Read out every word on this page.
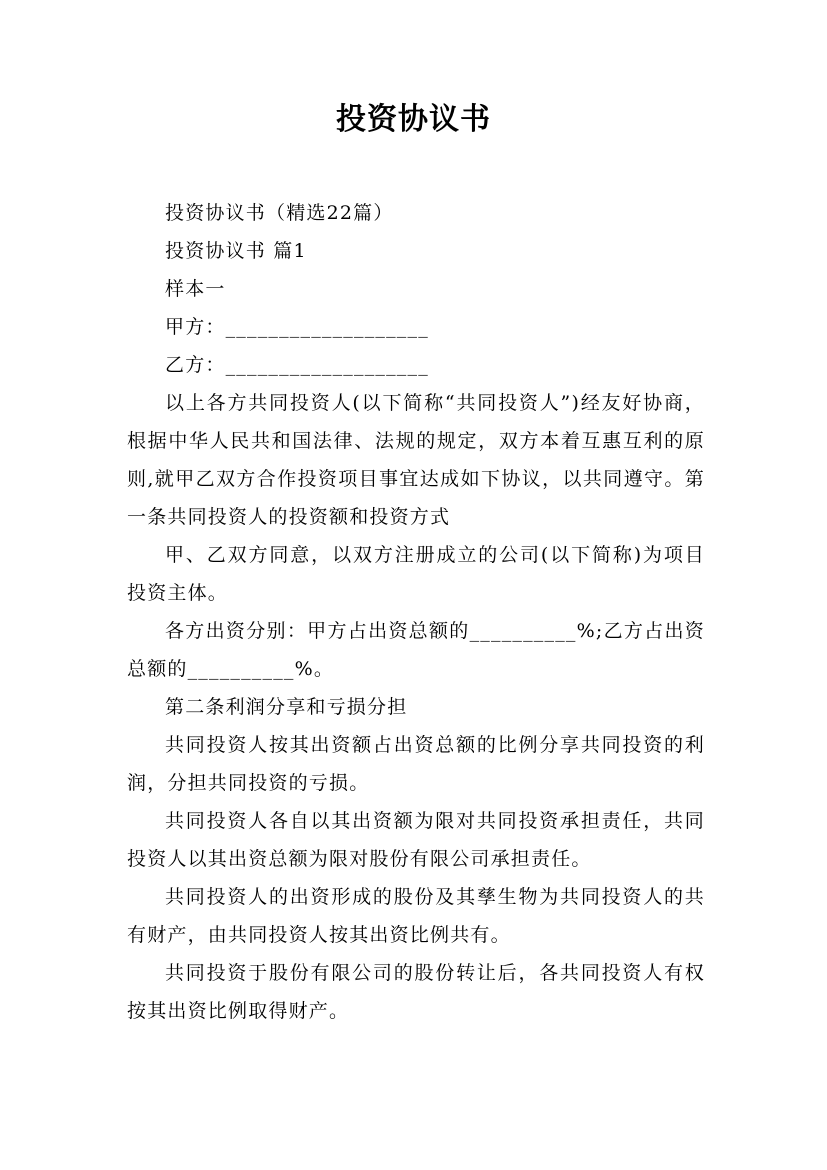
投资协议书

投资协议书（精选22篇）

投资协议书 篇1

样本一

甲方：___________________

乙方：___________________

以上各方共同投资人(以下简称“共同投资人”)经友好协商，根据中华人民共和国法律、法规的规定，双方本着互惠互利的原则,就甲乙双方合作投资项目事宜达成如下协议，以共同遵守。第一条共同投资人的投资额和投资方式

甲、乙双方同意，以双方注册成立的公司(以下简称)为项目投资主体。

各方出资分别：甲方占出资总额的__________%;乙方占出资总额的__________%。

第二条利润分享和亏损分担

共同投资人按其出资额占出资总额的比例分享共同投资的利润，分担共同投资的亏损。

共同投资人各自以其出资额为限对共同投资承担责任，共同投资人以其出资总额为限对股份有限公司承担责任。

共同投资人的出资形成的股份及其孳生物为共同投资人的共有财产，由共同投资人按其出资比例共有。

共同投资于股份有限公司的股份转让后，各共同投资人有权按其出资比例取得财产。
